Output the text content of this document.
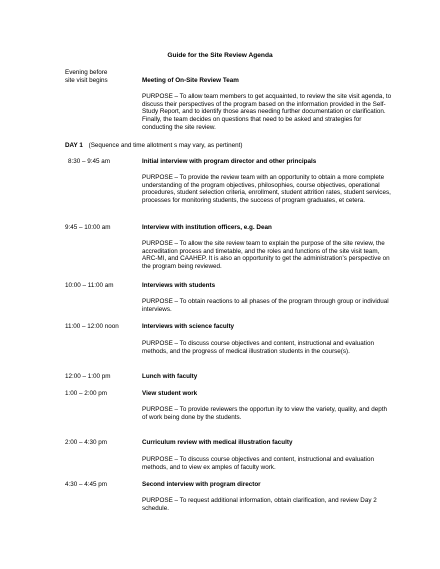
Guide for the Site Review Agenda
Evening before
site visit begins	Meeting of On-Site Review Team
PURPOSE – To allow team members to get acquainted, to review the site visit agenda, to discuss their perspectives of the program based on the information provided in the Self-Study Report, and to identify those areas needing further documentation or clarification. Finally, the team decides on questions that need to be asked and strategies for conducting the site review.
DAY 1 (Sequence and time allotment s may vary, as pertinent)
8:30 – 9:45 am	Initial interview with program director and other principals
PURPOSE – To provide the review team with an opportunity to obtain a more complete understanding of the program objectives, philosophies, course objectives, operational procedures, student selection criteria, enrollment, student attrition rates, student services, processes for monitoring students, the success of program graduates, et cetera.
9:45 – 10:00 am	Interview with institution officers, e.g. Dean
PURPOSE – To allow the site review team to explain the purpose of the site review, the accreditation process and timetable, and the roles and functions of the site visit team, ARC-MI, and CAAHEP. It is also an opportunity to get the administration’s perspective on the program being reviewed.
10:00 – 11:00 am	Interviews with students
PURPOSE – To obtain reactions to all phases of the program through group or individual interviews.
11:00 – 12:00 noon	Interviews with science faculty
PURPOSE – To discuss course objectives and content, instructional and evaluation methods, and the progress of medical illustration students in the course(s).
12:00 – 1:00 pm	Lunch with faculty
1:00 – 2:00 pm	View student work
PURPOSE – To provide reviewers the opportun ity to view the variety, quality, and depth of work being done by the students.
2:00 – 4:30 pm	Curriculum review with medical illustration faculty
PURPOSE – To discuss course objectives and content, instructional and evaluation methods, and to view ex amples of faculty work.
4:30 – 4:45 pm	Second interview with program director
PURPOSE – To request additional information, obtain clarification, and review Day 2 schedule.
